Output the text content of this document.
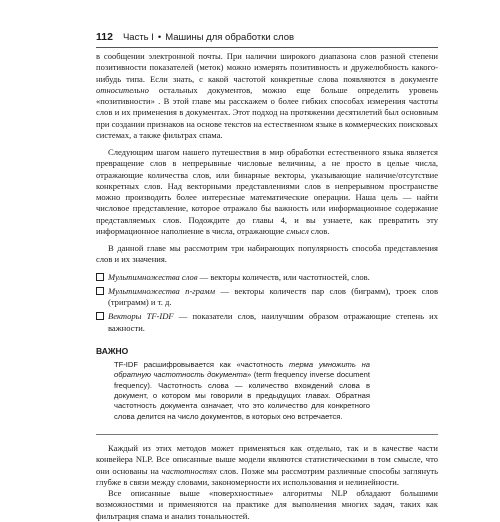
112 Часть I • Машины для обработки слов

в сообщении электронной почты. При наличии широкого диапазона слов разной степени позитивности показателей (меток) можно измерять позитивность и дружелюбность какого-нибудь типа. Если знать, с какой частотой конкретные слова появляются в документе относительно остальных документов, можно еще больше определить уровень «позитивности» . В этой главе мы расскажем о более гибких способах измерения частоты слов и их применения в документах. Этот подход на протяжении десятилетий был основным при создании признаков на основе текстов на естественном языке в коммерческих поисковых системах, а также фильтрах спама.

Следующим шагом нашего путешествия в мир обработки естественного языка является превращение слов в непрерывные числовые величины, а не просто в целые числа, отражающие количества слов, или бинарные векторы, указывающие наличие/отсутствие конкретных слов. Над векторными представлениями слов в непрерывном пространстве можно производить более интересные математические операции. Наша цель — найти числовое представление, которое отражало бы важность или информационное содержание представляемых слов. Подождите до главы 4, и вы узнаете, как превратить эту информационное наполнение в числа, отражающие смысл слов.

В данной главе мы рассмотрим три набирающих популярность способа представления слов и их значения.

Мультимножества слов — векторы количеств, или частотностей, слов.
Мультимножества n-грамм — векторы количеств пар слов (биграмм), троек слов (триграмм) и т. д.
Векторы TF-IDF — показатели слов, наилучшим образом отражающие степень их важности.
ВАЖНО
TF-IDF расшифровывается как «частотность терма умножить на обратную частотность документа» (term frequency inverse document frequency). Частотность слова — количество вхождений слова в документ, о котором мы говорили в предыдущих главах. Обратная частотность документа означает, что это количество для конкретного слова делится на число документов, в которых оно встречается.

Каждый из этих методов может применяться как отдельно, так и в качестве части конвейера NLP. Все описанные выше модели являются статистическими в том смысле, что они основаны на частотностях слов. Позже мы рассмотрим различные способы заглянуть глубже в связи между словами, закономерности их использования и нелинейности.

Все описанные выше «поверхностные» алгоритмы NLP обладают большими возможностями и применяются на практике для выполнения многих задач, таких как фильтрация спама и анализ тональностей.
